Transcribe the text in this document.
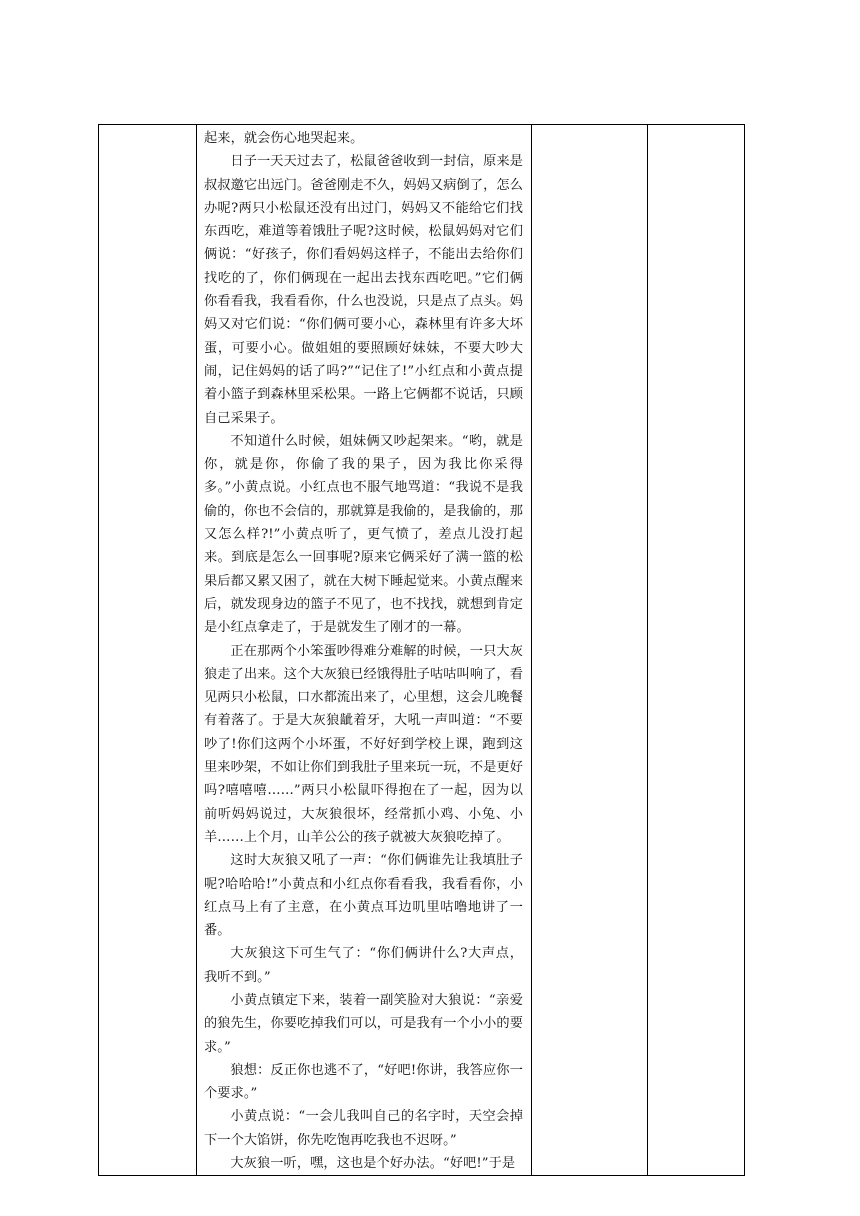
起来，就会伤心地哭起来。

日子一天天过去了，松鼠爸爸收到一封信，原来是叔叔邀它出远门。爸爸刚走不久，妈妈又病倒了，怎么办呢?两只小松鼠还没有出过门，妈妈又不能给它们找东西吃，难道等着饿肚子呢?这时候，松鼠妈妈对它们俩说：“好孩子，你们看妈妈这样子，不能出去给你们找吃的了，你们俩现在一起出去找东西吃吧。”它们俩你看看我，我看看你，什么也没说，只是点了点头。妈妈又对它们说：“你们俩可要小心，森林里有许多大坏蛋，可要小心。做姐姐的要照顾好妹妹，不要大吵大闹，记住妈妈的话了吗?”“记住了!”小红点和小黄点提着小篮子到森林里采松果。一路上它俩都不说话，只顾自己采果子。

不知道什么时候，姐妹俩又吵起架来。“哟，就是你，就是你，你偷了我的果子，因为我比你采得多。”小黄点说。小红点也不服气地骂道：“我说不是我偷的，你也不会信的，那就算是我偷的，是我偷的，那又怎么样?!”小黄点听了，更气愤了，差点儿没打起来。到底是怎么一回事呢?原来它俩采好了满一篮的松果后都又累又困了，就在大树下睡起觉来。小黄点醒来后，就发现身边的篮子不见了，也不找找，就想到肯定是小红点拿走了，于是就发生了刚才的一幕。

正在那两个小笨蛋吵得难分难解的时候，一只大灰狼走了出来。这个大灰狼已经饿得肚子咕咕叫响了，看见两只小松鼠，口水都流出来了，心里想，这会儿晚餐有着落了。于是大灰狼龇着牙，大吼一声叫道：“不要吵了!你们这两个小坏蛋，不好好到学校上课，跑到这里来吵架，不如让你们到我肚子里来玩一玩，不是更好吗?嘻嘻嘻……”两只小松鼠吓得抱在了一起，因为以前听妈妈说过，大灰狼很坏，经常抓小鸡、小兔、小羊……上个月，山羊公公的孩子就被大灰狼吃掉了。

这时大灰狼又吼了一声：“你们俩谁先让我填肚子呢?哈哈哈!”小黄点和小红点你看看我，我看看你，小红点马上有了主意，在小黄点耳边叽里咕噜地讲了一番。

大灰狼这下可生气了：“你们俩讲什么?大声点，我听不到。”

小黄点镇定下来，装着一副笑脸对大狼说：“亲爱的狼先生，你要吃掉我们可以，可是我有一个小小的要求。”

狼想：反正你也逃不了，“好吧!你讲，我答应你一个要求。”

小黄点说：“一会儿我叫自己的名字时，天空会掉下一个大馅饼，你先吃饱再吃我也不迟呀。”

大灰狼一听，嘿，这也是个好办法。“好吧!”于是
